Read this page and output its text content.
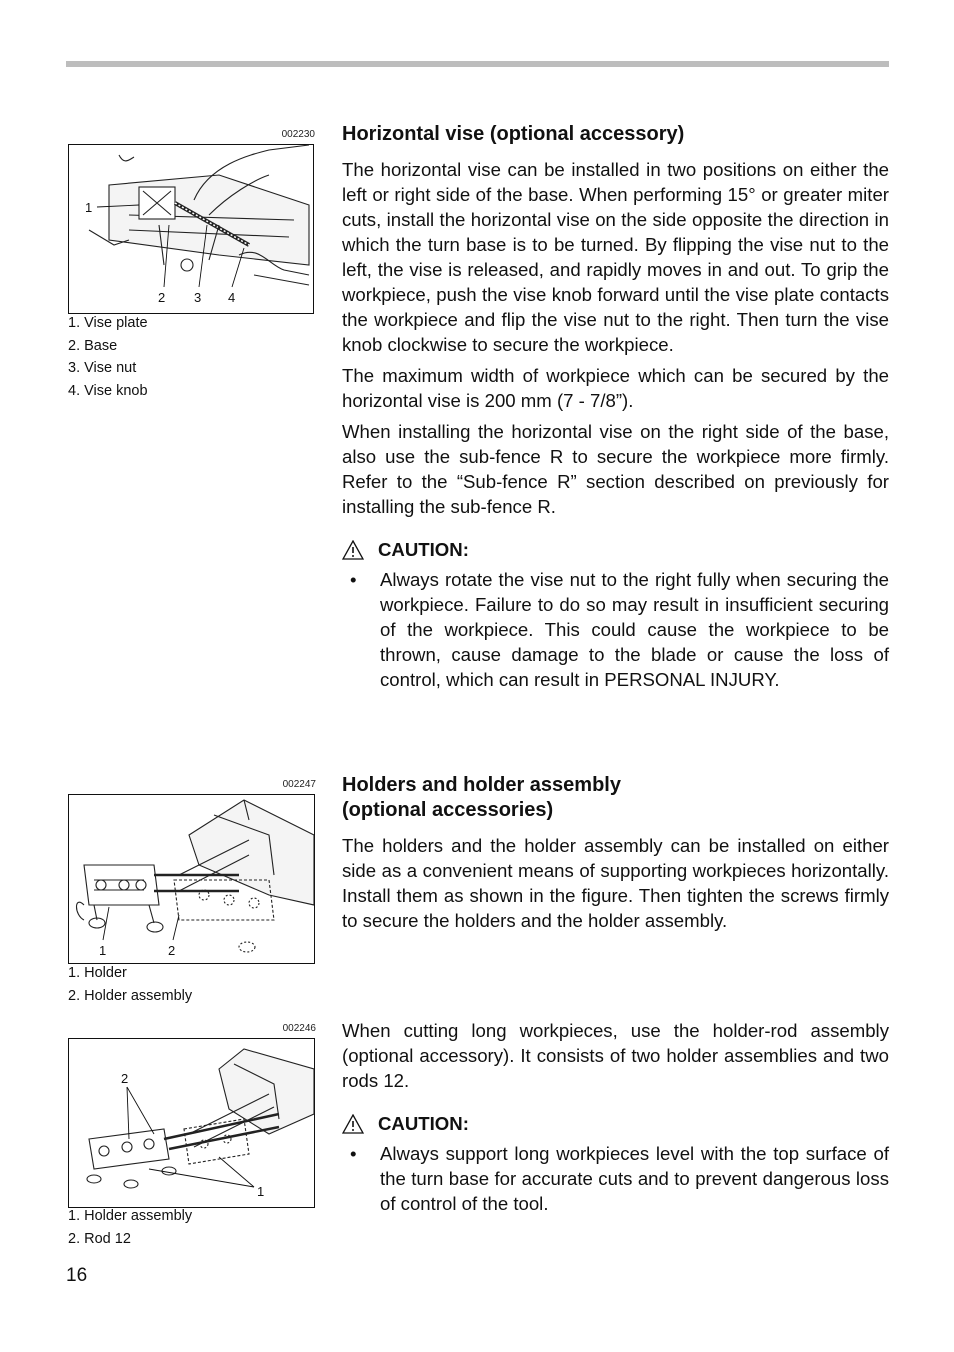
002230
1
2 3 4
1. Vise plate
2. Base
3. Vise nut
4. Vise knob
002247
1	2
1. Holder
2. Holder assembly
002246
2
1
1. Holder assembly
2. Rod 12
Horizontal vise (optional accessory)

The horizontal vise can be installed in two positions on either the left or right side of the base. When performing 15° or greater miter cuts, install the horizontal vise on the side opposite the direction in which the turn base is to be turned. By flipping the vise nut to the left, the vise is released, and rapidly moves in and out. To grip the workpiece, push the vise knob forward until the vise plate contacts the workpiece and flip the vise nut to the right. Then turn the vise knob clockwise to secure the workpiece.

The maximum width of workpiece which can be secured by the horizontal vise is 200 mm (7 - 7/8”).

When installing the horizontal vise on the right side of the base, also use the sub-fence R to secure the workpiece more firmly. Refer to the “Sub-fence R” section described on previously for installing the sub-fence R.

CAUTION:
•	Always rotate the vise nut to the right fully when securing the workpiece. Failure to do so may result in insufficient securing of the workpiece. This could cause the workpiece to be thrown, cause damage to the blade or cause the loss of control, which can result in PERSONAL INJURY.
Holders and holder assembly
(optional accessories)

The holders and the holder assembly can be installed on either side as a convenient means of supporting workpieces horizontally. Install them as shown in the figure. Then tighten the screws firmly to secure the holders and the holder assembly.

When cutting long workpieces, use the holder-rod assembly (optional accessory). It consists of two holder assemblies and two rods 12.

CAUTION:
•	Always support long workpieces level with the top surface of the turn base for accurate cuts and to prevent dangerous loss of control of the tool.
16
